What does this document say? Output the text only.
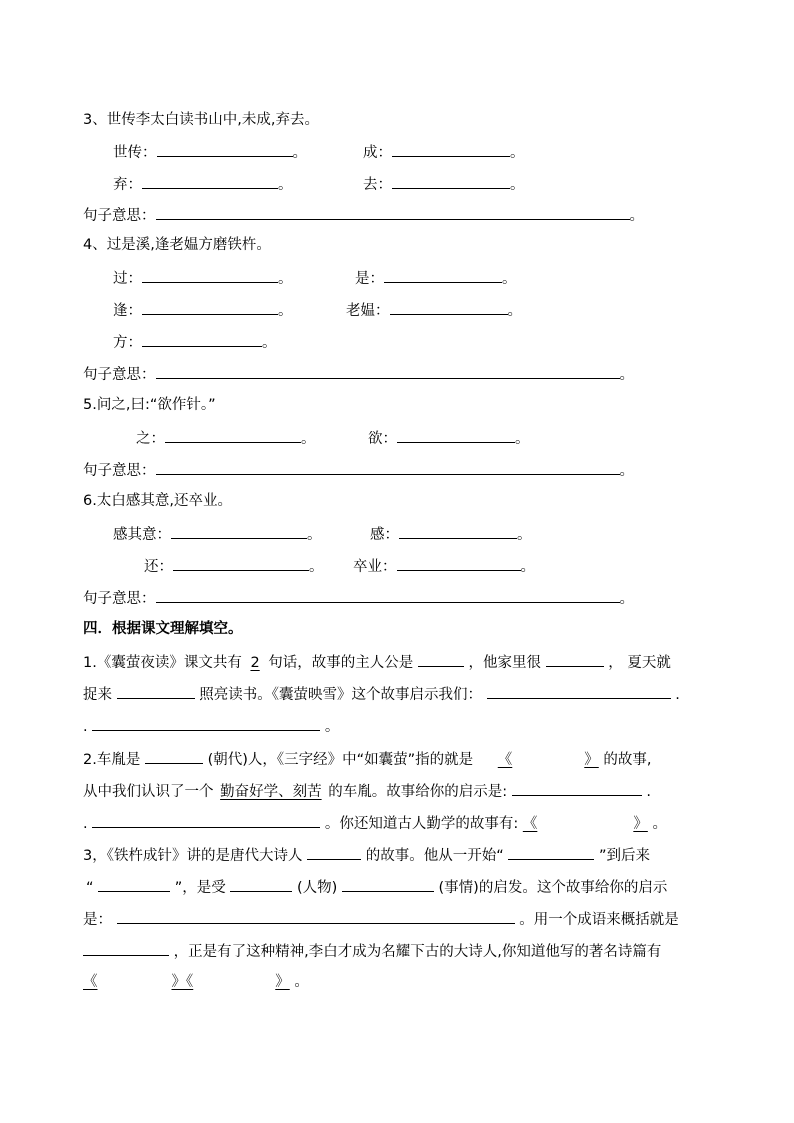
3、世传李太白读书山中,未成,弃去。
世传：	。	成：	。
弃：	。	去：	。
句子意思：	。
4、过是溪,逢老媪方磨铁杵。
过：	。	是：	。
逢：	。	老媪：	。
方：	。
句子意思：	。
5.问之,曰:“欲作针。”
之：	。	欲：	。
句子意思：	。
6.太白感其意,还卒业。
感其意：	。	感：	。
还：	。 卒业：	。
句子意思：	。
四．根据课文理解填空。
1.《囊萤夜读》课文共有 2 句话，故事的主人公是	，他家里很	， 夏天就
捉来	照亮读书。《囊萤映雪》这个故事启示我们：	.
.	。
2.车胤是	(朝代)人，《三字经》中“如囊萤”指的就是 《	》 的故事,
从中我们认识了一个 勤奋好学、刻苦 的车胤。故事给你的启示是:	.
.	。你还知道古人勤学的故事有: 《	》 。
3，《铁杵成针》讲的是唐代大诗人	的故事。他从一开始“	”到后来
“	”，是受	(人物)	(事情)的启发。这个故事给你的启示
是：	。用一个成语来概括就是
，正是有了这种精神,李白才成为名耀下古的大诗人,你知道他写的著名诗篇有
《	》《	》 。
